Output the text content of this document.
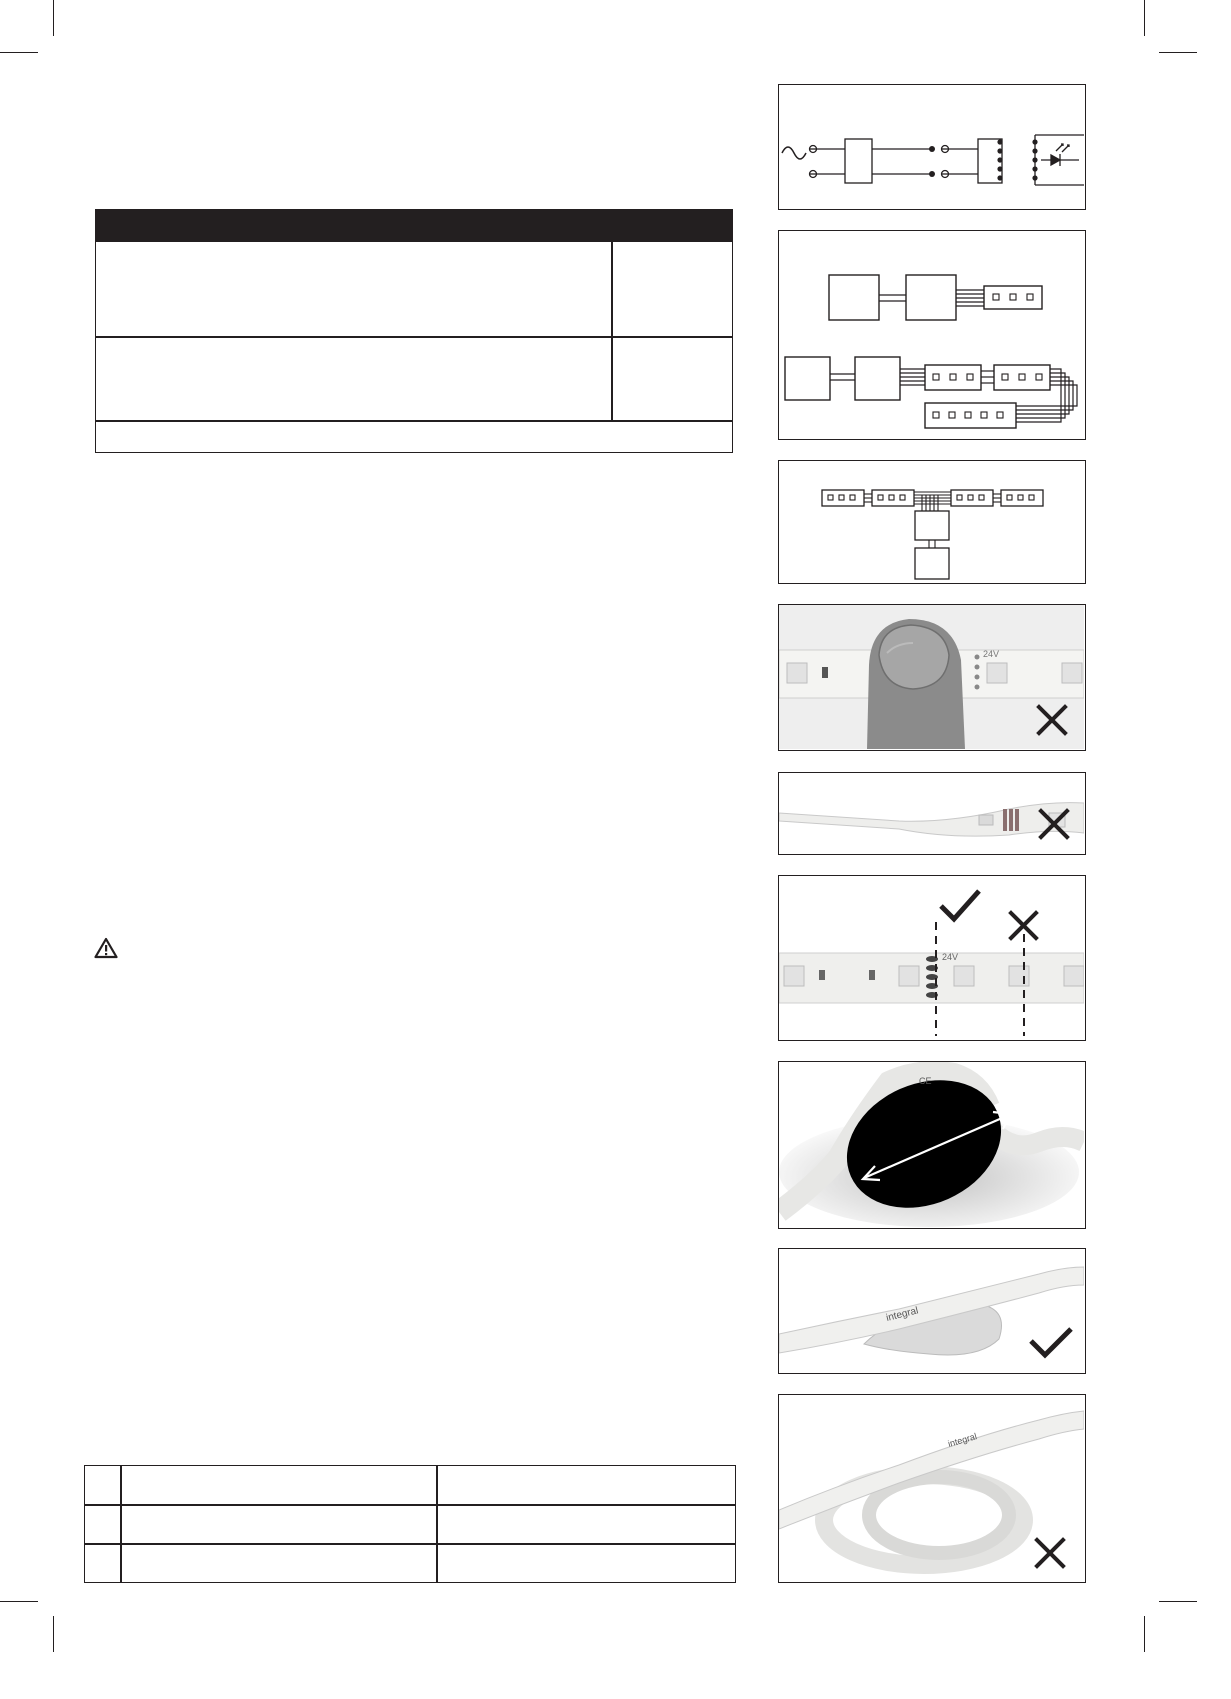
24V
24V
CE
integral
integral
